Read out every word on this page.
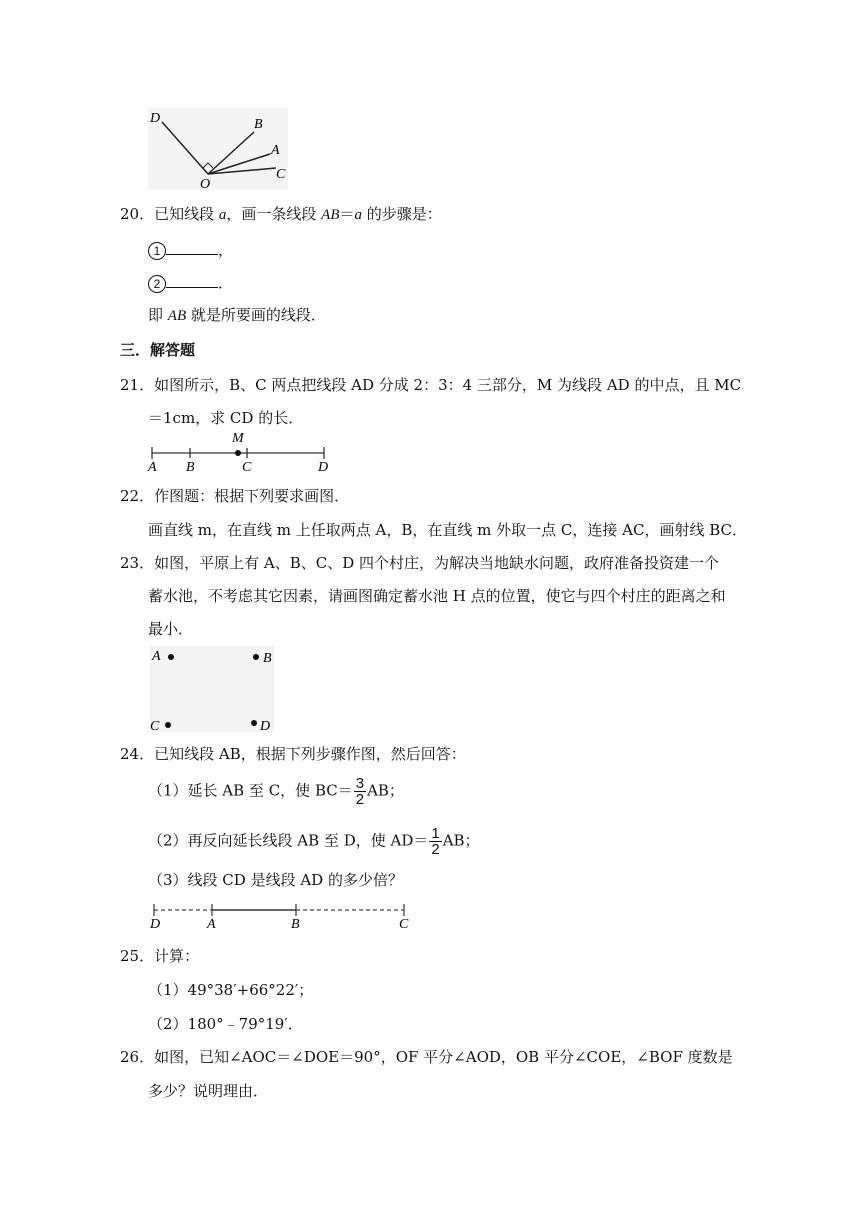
D	B
A
O
C
20．已知线段 a，画一条线段 AB＝a 的步骤是：
1	，
2	．
即 AB 就是所要画的线段．
三．解答题
21．如图所示，B、C 两点把线段 AD 分成 2：3：4 三部分，M 为线段 AD 的中点，且 MC
＝1cm，求 CD 的长．
M
A B	C	D
22．作图题：根据下列要求画图．
画直线 m，在直线 m 上任取两点 A，B，在直线 m 外取一点 C，连接 AC，画射线 BC．
23．如图，平原上有 A、B、C、D 四个村庄，为解决当地缺水问题，政府准备投资建一个
蓄水池，不考虑其它因素，请画图确定蓄水池 H 点的位置，使它与四个村庄的距离之和
最小．
A	B
C	D
24．已知线段 AB，根据下列步骤作图，然后回答：
（1）延长 AB 至 C，使 $BC= \frac{3}{2}$ AB；
（2）再反向延长线段 AB 至 D，使 $AD= \frac{1}{2}$ AB；
（3）线段 CD 是线段 AD 的多少倍？
D	A	B	C
25．计算：
（1）49°38′+66°22′；
（2）180°﹣79°19′．
26．如图，已知∠AOC＝∠DOE＝90°，OF 平分∠AOD，OB 平分∠COE，∠BOF 度数是
多少？说明理由．
